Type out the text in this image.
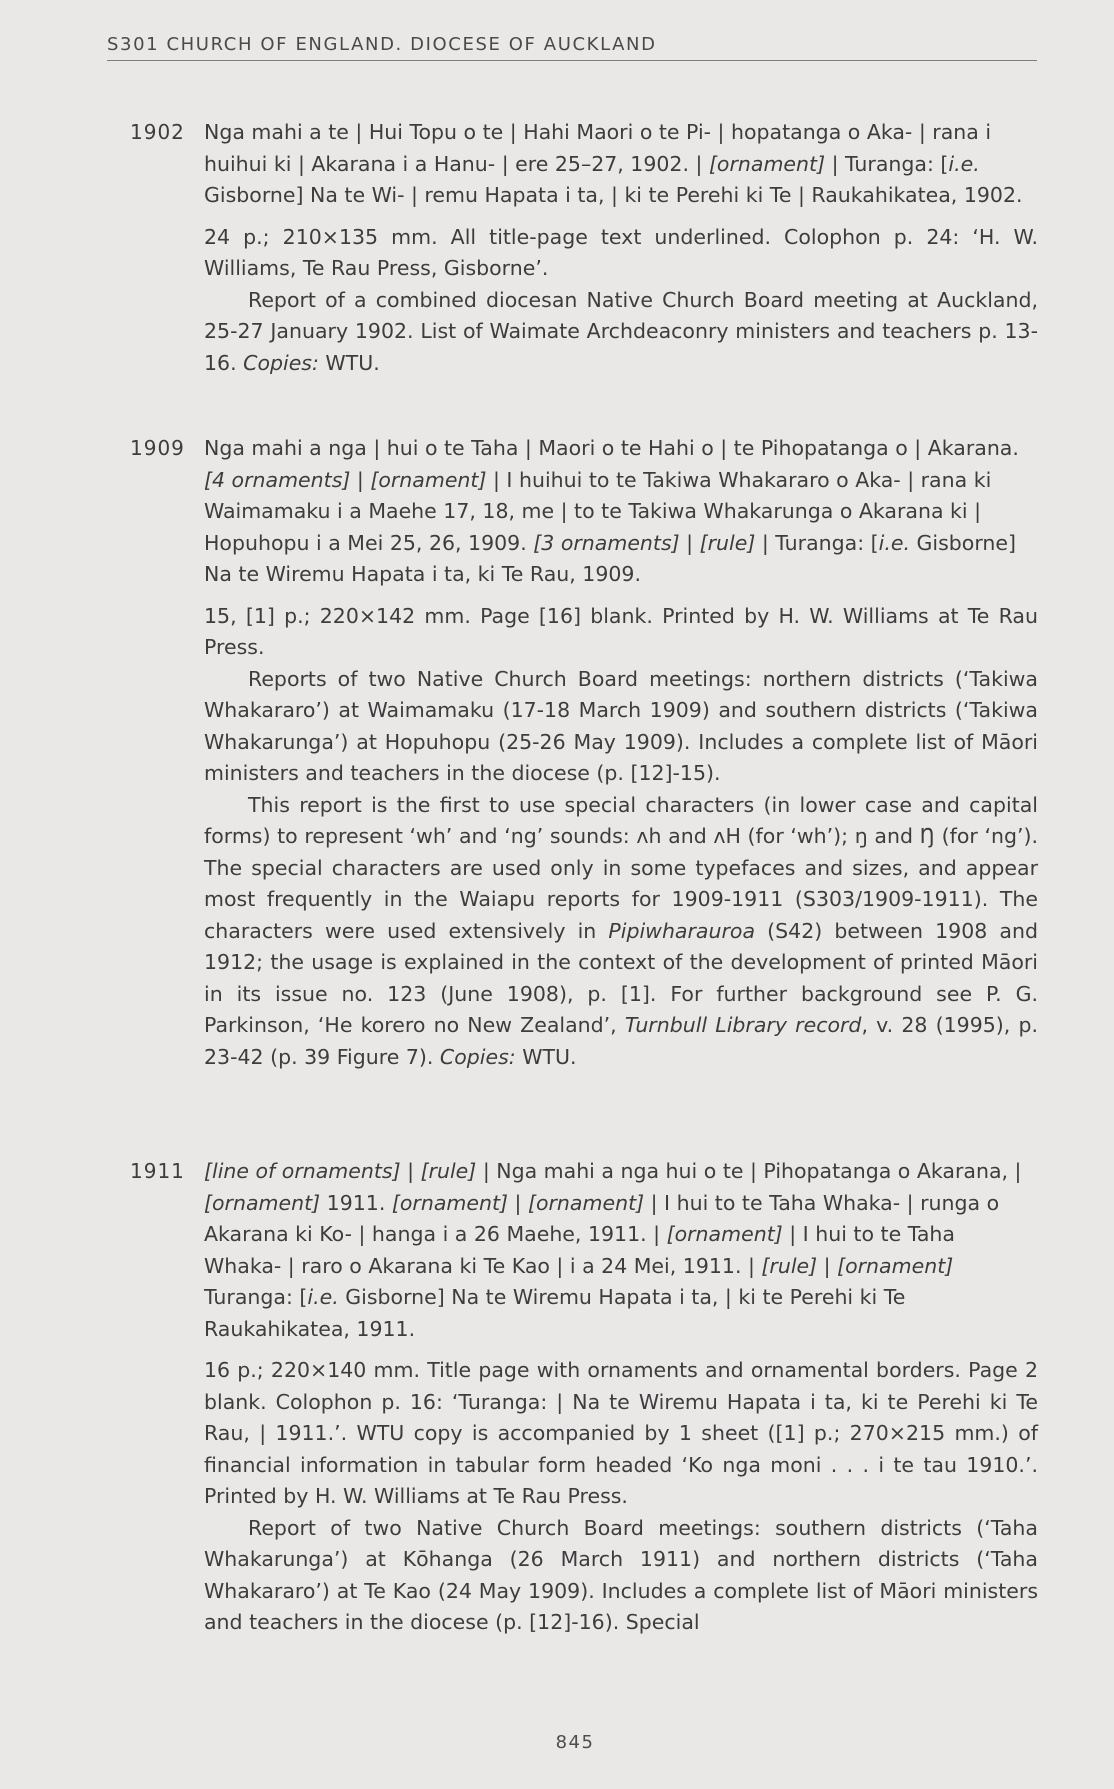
S301 CHURCH OF ENGLAND. DIOCESE OF AUCKLAND
1902 Nga mahi a te | Hui Topu o te | Hahi Maori o te Pi- | hopatanga o Aka- | rana i huihui ki | Akarana i a Hanu- | ere 25–27, 1902. | [ornament] | Turanga: [i.e. Gisborne] Na te Wi- | remu Hapata i ta, | ki te Perehi ki Te | Raukahikatea, 1902.

24 p.; 210×135 mm. All title-page text underlined. Colophon p. 24: ‘H. W. Williams, Te Rau Press, Gisborne’.

Report of a combined diocesan Native Church Board meeting at Auckland, 25-27 January 1902. List of Waimate Archdeaconry ministers and teachers p. 13-16. Copies: WTU.

1909 Nga mahi a nga | hui o te Taha | Maori o te Hahi o | te Pihopatanga o | Akarana. [4 ornaments] | [ornament] | I huihui to te Takiwa Whakararo o Aka- | rana ki Waimamaku i a Maehe 17, 18, me | to te Takiwa Whakarunga o Akarana ki | Hopuhopu i a Mei 25, 26, 1909. [3 ornaments] | [rule] | Turanga: [i.e. Gisborne] Na te Wiremu Hapata i ta, ki Te Rau, 1909.

15, [1] p.; 220×142 mm. Page [16] blank. Printed by H. W. Williams at Te Rau Press.

Reports of two Native Church Board meetings: northern districts (‘Takiwa Whakararo’) at Waimamaku (17-18 March 1909) and southern districts (‘Takiwa Whakarunga’) at Hopuhopu (25-26 May 1909). Includes a complete list of Māori ministers and teachers in the diocese (p. [12]-15).

This report is the first to use special characters (in lower case and capital forms) to represent ‘wh’ and ‘ng’ sounds: ʌh and ʌH (for ‘wh’); ŋ and Ŋ (for ‘ng’). The special characters are used only in some typefaces and sizes, and appear most frequently in the Waiapu reports for 1909-1911 (S303/1909-1911). The characters were used extensively in Pipiwharauroa (S42) between 1908 and 1912; the usage is explained in the context of the development of printed Māori in its issue no. 123 (June 1908), p. [1]. For further background see P. G. Parkinson, ‘He korero no New Zealand’, Turnbull Library record, v. 28 (1995), p. 23-42 (p. 39 Figure 7). Copies: WTU.

1911 [line of ornaments] | [rule] | Nga mahi a nga hui o te | Pihopatanga o Akarana, | [ornament] 1911. [ornament] | [ornament] | I hui to te Taha Whaka- | runga o Akarana ki Ko- | hanga i a 26 Maehe, 1911. | [ornament] | I hui to te Taha Whaka- | raro o Akarana ki Te Kao | i a 24 Mei, 1911. | [rule] | [ornament] Turanga: [i.e. Gisborne] Na te Wiremu Hapata i ta, | ki te Perehi ki Te Raukahikatea, 1911.

16 p.; 220×140 mm. Title page with ornaments and ornamental borders. Page 2 blank. Colophon p. 16: ‘Turanga: | Na te Wiremu Hapata i ta, ki te Perehi ki Te Rau, | 1911.’. WTU copy is accompanied by 1 sheet ([1] p.; 270×215 mm.) of financial information in tabular form headed ‘Ko nga moni . . . i te tau 1910.’. Printed by H. W. Williams at Te Rau Press.

Report of two Native Church Board meetings: southern districts (‘Taha Whakarunga’) at Kōhanga (26 March 1911) and northern districts (‘Taha Whakararo’) at Te Kao (24 May 1909). Includes a complete list of Māori ministers and teachers in the diocese (p. [12]-16). Special

845
